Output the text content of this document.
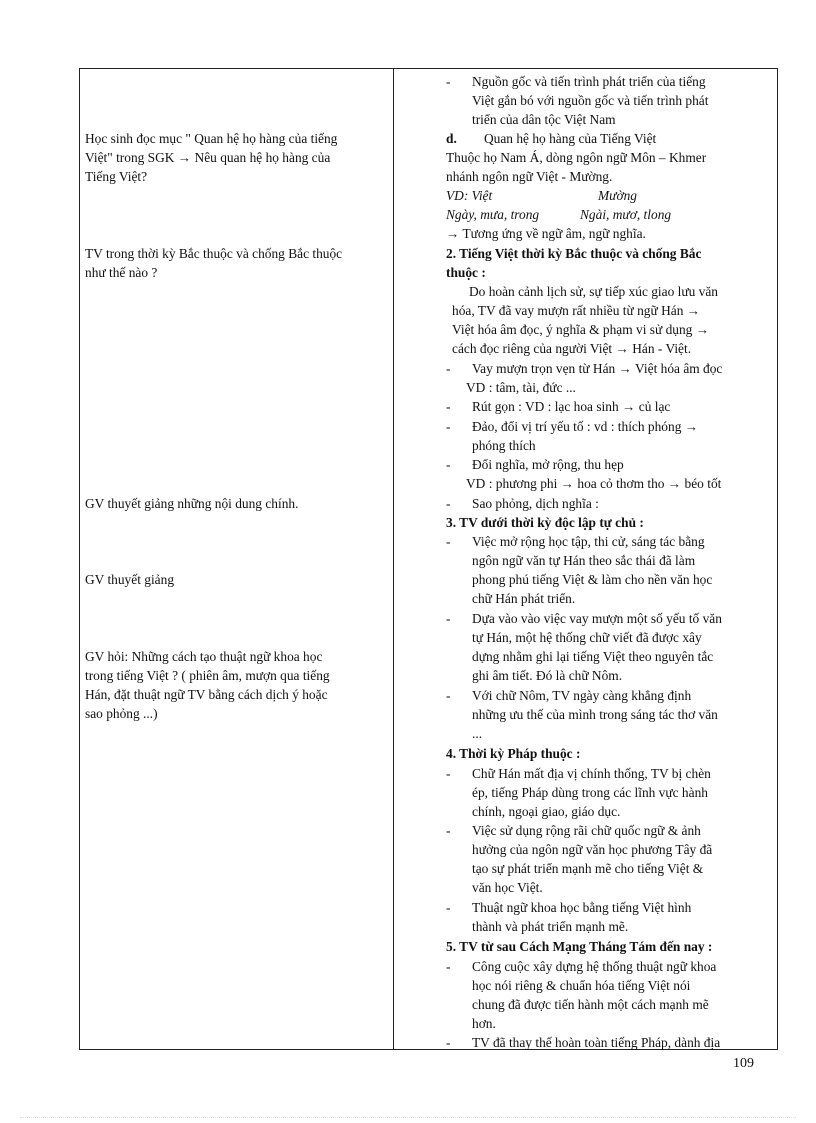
Học sinh đọc mục " Quan hệ họ hàng của tiếng
Việt" trong SGK → Nêu quan hệ họ hàng của
Tiếng Việt?
TV trong thời kỳ Bắc thuộc và chống Bắc thuộc
như thế nào ?
GV thuyết giảng những nội dung chính.
GV thuyết giảng
GV hỏi: Những cách tạo thuật ngữ khoa học
trong tiếng Việt ? ( phiên âm, mượn qua tiếng
Hán, đặt thuật ngữ TV bằng cách dịch ý hoặc
sao phỏng ...)
- Nguồn gốc và tiến trình phát triển của tiếng
Việt gắn bó với nguồn gốc và tiến trình phát
triển của dân tộc Việt Nam
d. Quan hệ họ hàng của Tiếng Việt
Thuộc họ Nam Á, dòng ngôn ngữ Môn – Khmer
nhánh ngôn ngữ Việt - Mường.
VD: Việt	Mường
Ngày, mưa, trong	Ngài, mươ, tlong
→ Tương ứng về ngữ âm, ngữ nghĩa.
2. Tiếng Việt thời kỳ Bắc thuộc và chống Bắc
thuộc :
Do hoàn cảnh lịch sử, sự tiếp xúc giao lưu văn
hóa, TV đã vay mượn rất nhiều từ ngữ Hán →
Việt hóa âm đọc, ý nghĩa & phạm vi sử dụng →
cách đọc riêng của người Việt → Hán - Việt.
- Vay mượn trọn vẹn từ Hán → Việt hóa âm đọc
VD : tâm, tài, đức ...
- Rút gọn : VD : lạc hoa sinh → củ lạc
- Đảo, đổi vị trí yếu tố : vd : thích phóng →
phóng thích
- Đổi nghĩa, mở rộng, thu hẹp
VD : phương phi → hoa cỏ thơm tho → béo tốt
- Sao phỏng, dịch nghĩa :
3. TV dưới thời kỳ độc lập tự chủ :
- Việc mở rộng học tập, thi cử, sáng tác bằng
ngôn ngữ văn tự Hán theo sắc thái đã làm
phong phú tiếng Việt & làm cho nền văn học
chữ Hán phát triển.
- Dựa vào vào việc vay mượn một số yếu tố văn
tự Hán, một hệ thống chữ viết đã được xây
dựng nhằm ghi lại tiếng Việt theo nguyên tắc
ghi âm tiết. Đó là chữ Nôm.
- Với chữ Nôm, TV ngày càng khẳng định
những ưu thế của mình trong sáng tác thơ văn
...
4. Thời kỳ Pháp thuộc :
- Chữ Hán mất địa vị chính thống, TV bị chèn
ép, tiếng Pháp dùng trong các lĩnh vực hành
chính, ngoại giao, giáo dục.
- Việc sử dụng rộng rãi chữ quốc ngữ & ảnh
hưởng của ngôn ngữ văn học phương Tây đã
tạo sự phát triển mạnh mẽ cho tiếng Việt &
văn học Việt.
- Thuật ngữ khoa học bằng tiếng Việt hình
thành và phát triển mạnh mẽ.
5. TV từ sau Cách Mạng Tháng Tám đến nay :
- Công cuộc xây dựng hệ thống thuật ngữ khoa
học nói riêng & chuẩn hóa tiếng Việt nói
chung đã được tiến hành một cách mạnh mẽ
hơn.
- TV đã thay thế hoàn toàn tiếng Pháp, dành địa
109
